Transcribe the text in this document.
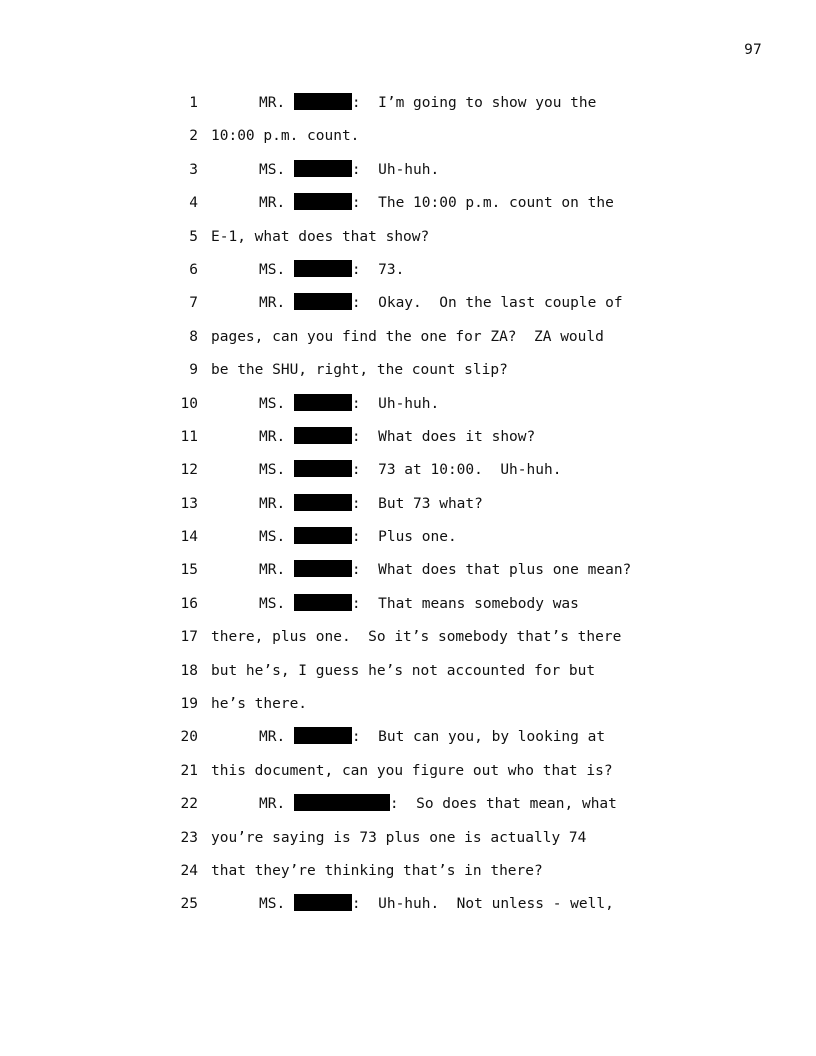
97
1	MR.	:  I’m going to show you the
2 10:00 p.m. count.
3	MS.	:  Uh-huh.
4	MR.	:  The 10:00 p.m. count on the
5 E-1, what does that show?
6	MS.	:  73.
7	MR.	:  Okay.  On the last couple of
8 pages, can you find the one for ZA?  ZA would
9 be the SHU, right, the count slip?
10	MS.	:  Uh-huh.
11	MR.	:  What does it show?
12	MS.	:  73 at 10:00.  Uh-huh.
13	MR.	:  But 73 what?
14	MS.	:  Plus one.
15	MR.	:  What does that plus one mean?
16	MS.	:  That means somebody was
17 there, plus one.  So it’s somebody that’s there
18 but he’s, I guess he’s not accounted for but
19 he’s there.
20	MR.	:  But can you, by looking at
21 this document, can you figure out who that is?
22	MR.	:  So does that mean, what
23 you’re saying is 73 plus one is actually 74
24 that they’re thinking that’s in there?
25	MS.	:  Uh-huh.  Not unless - well,
